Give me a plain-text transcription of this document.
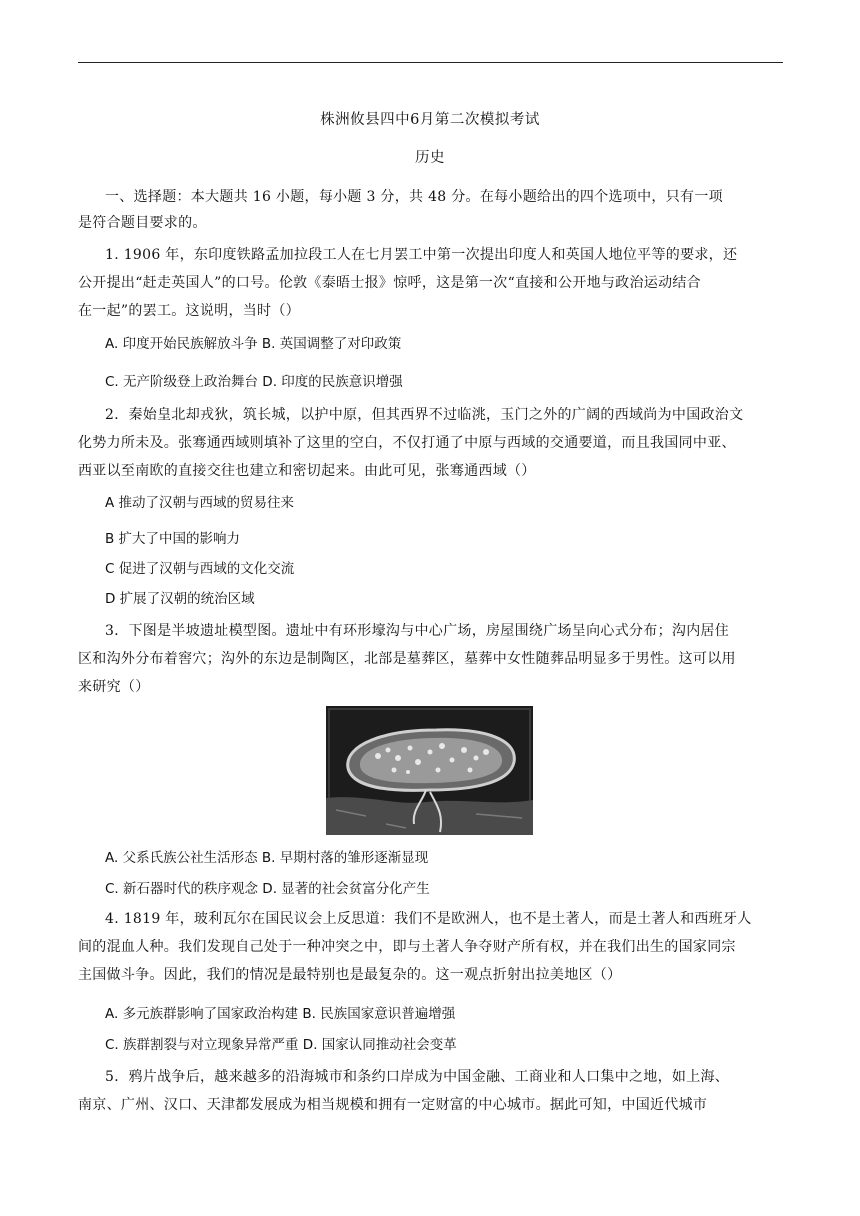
株洲攸县四中6月第二次模拟考试
历史
一、选择题：本大题共 16 小题，每小题 3 分，共 48 分。在每小题给出的四个选项中，只有一项
是符合题目要求的。
1. 1906 年，东印度铁路孟加拉段工人在七月罢工中第一次提出印度人和英国人地位平等的要求，还
公开提出“赶走英国人”的口号。伦敦《泰晤士报》惊呼，这是第一次“直接和公开地与政治运动结合
在一起”的罢工。这说明，当时（）
A. 印度开始民族解放斗争 B. 英国调整了对印政策
C. 无产阶级登上政治舞台 D. 印度的民族意识增强
2．秦始皇北却戎狄，筑长城，以护中原，但其西界不过临洮，玉门之外的广阔的西域尚为中国政治文
化势力所未及。张骞通西域则填补了这里的空白，不仅打通了中原与西域的交通要道，而且我国同中亚、
西亚以至南欧的直接交往也建立和密切起来。由此可见，张骞通西域（）
A 推动了汉朝与西域的贸易往来
B 扩大了中国的影响力
C 促进了汉朝与西域的文化交流
D 扩展了汉朝的统治区域
3．下图是半坡遗址模型图。遗址中有环形壕沟与中心广场，房屋围绕广场呈向心式分布；沟内居住
区和沟外分布着窖穴；沟外的东边是制陶区，北部是墓葬区，墓葬中女性随葬品明显多于男性。这可以用
来研究（）
A. 父系氏族公社生活形态 B. 早期村落的雏形逐渐显现
C. 新石器时代的秩序观念 D. 显著的社会贫富分化产生
4. 1819 年，玻利瓦尔在国民议会上反思道：我们不是欧洲人，也不是土著人，而是土著人和西班牙人
间的混血人种。我们发现自己处于一种冲突之中，即与土著人争夺财产所有权，并在我们出生的国家同宗
主国做斗争。因此，我们的情况是最特别也是最复杂的。这一观点折射出拉美地区（）
A. 多元族群影响了国家政治构建 B. 民族国家意识普遍增强
C. 族群割裂与对立现象异常严重 D. 国家认同推动社会变革
5．鸦片战争后，越来越多的沿海城市和条约口岸成为中国金融、工商业和人口集中之地，如上海、
南京、广州、汉口、天津都发展成为相当规模和拥有一定财富的中心城市。据此可知，中国近代城市
